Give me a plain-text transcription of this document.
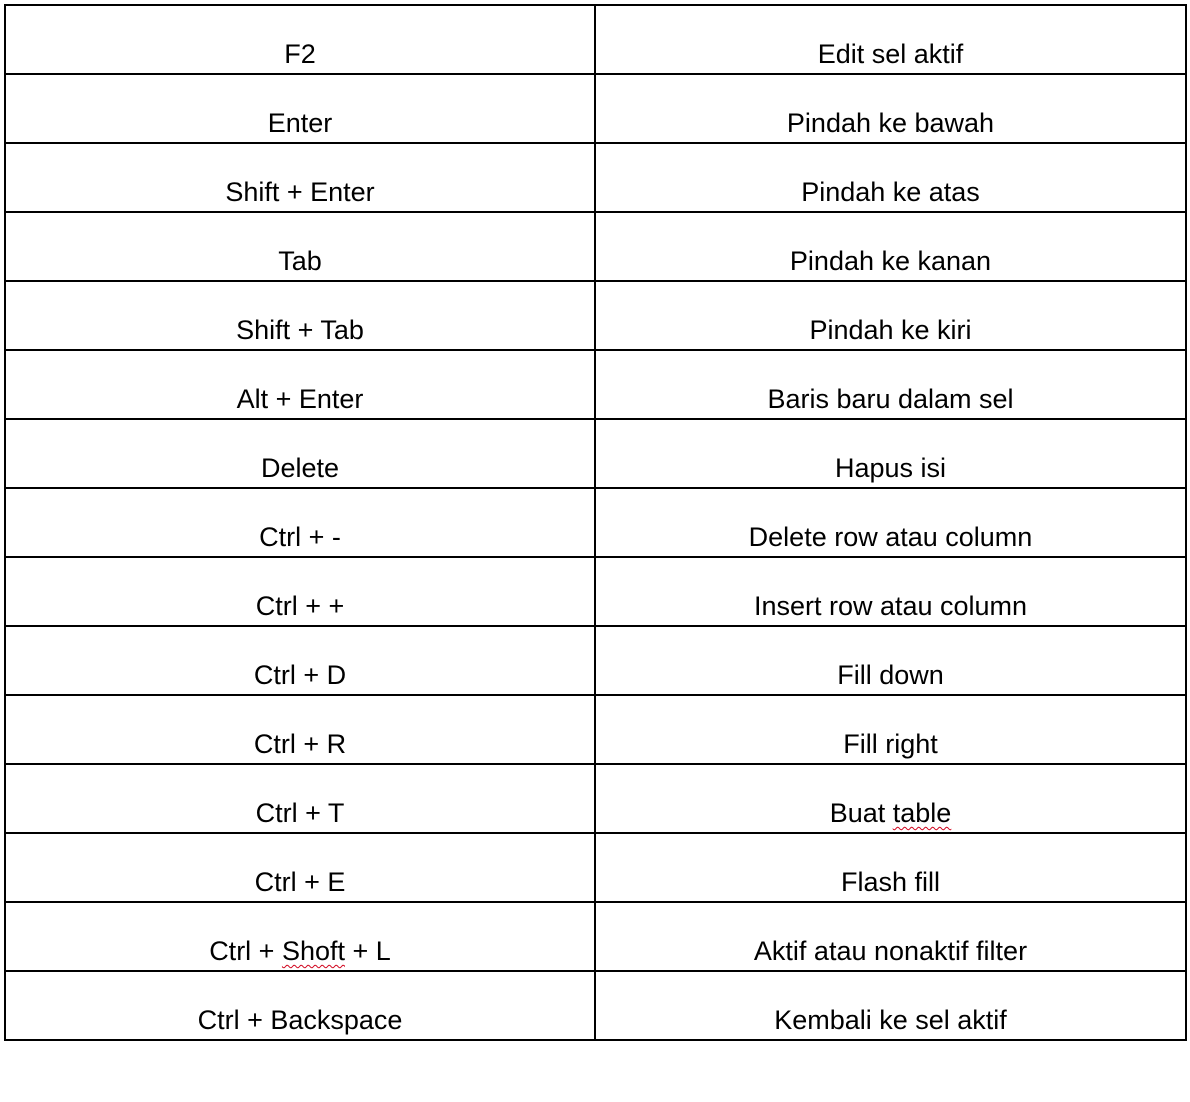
F2	Edit sel aktif
Enter	Pindah ke bawah
Shift + Enter	Pindah ke atas
Tab	Pindah ke kanan
Shift + Tab	Pindah ke kiri
Alt + Enter	Baris baru dalam sel
Delete	Hapus isi
Ctrl + -	Delete row atau column
Ctrl + +	Insert row atau column
Ctrl + D	Fill down
Ctrl + R	Fill right
Ctrl + T	Buat table
Ctrl + E	Flash fill
Ctrl + Shoft + L	Aktif atau nonaktif filter
Ctrl + Backspace	Kembali ke sel aktif
